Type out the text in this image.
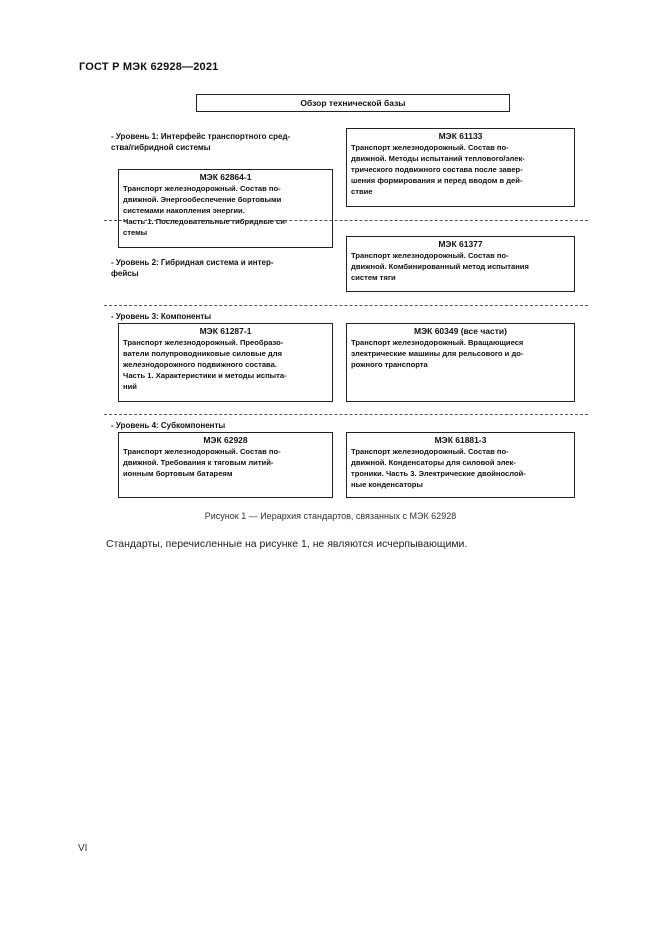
ГОСТ Р МЭК 62928—2021
Обзор технической базы
- Уровень 1: Интерфейс транспортного сред-
ства/гибридной системы
МЭК 61133
Транспорт железнодорожный. Состав по-
движной. Методы испытаний теплового/элек-
трического подвижного состава после завер-
шения формирования и перед вводом в дей-
ствие
МЭК 62864-1
Транспорт железнодорожный. Состав по-
движной. Энергообеспечение бортовыми
системами накопления энергии.
Часть 1. Последовательные гибридные си-
стемы
- Уровень 2: Гибридная система и интер-
фейсы
МЭК 61377
Транспорт железнодорожный. Состав по-
движной. Комбинированный метод испытания
систем тяги
- Уровень 3: Компоненты
МЭК 61287-1
Транспорт железнодорожный. Преобразо-
ватели полупроводниковые силовые для
железнодорожного подвижного состава.
Часть 1. Характеристики и методы испыта-
ний
МЭК 60349 (все части)
Транспорт железнодорожный. Вращающиеся
электрические машины для рельсового и до-
рожного транспорта
- Уровень 4: Субкомпоненты
МЭК 62928
Транспорт железнодорожный. Состав по-
движной. Требования к тяговым литий-
ионным бортовым батареям
МЭК 61881-3
Транспорт железнодорожный. Состав по-
движной. Конденсаторы для силовой элек-
троники. Часть 3. Электрические двойнослой-
ные конденсаторы
Рисунок 1 — Иерархия стандартов, связанных с МЭК 62928
Стандарты, перечисленные на рисунке 1, не являются исчерпывающими.
VI
